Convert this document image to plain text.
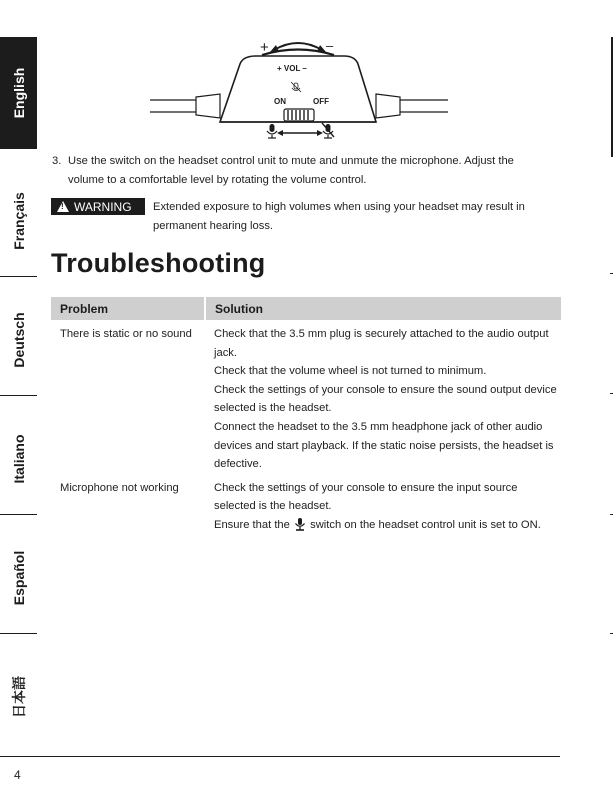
English
Français
Deutsch
Italiano
Español
日本語
+	–
+ VOL –
ON	OFF
3. Use the switch on the headset control unit to mute and unmute the microphone. Adjust the volume to a comfortable level by rotating the volume control.
!
WARNING Extended exposure to high volumes when using your headset may result in permanent hearing loss.
Troubleshooting
Problem	Solution
There is static or no sound	Check that the 3.5 mm plug is securely attached to the audio output jack.

Check that the volume wheel is not turned to minimum.

Check the settings of your console to ensure the sound output device selected is the headset.

Connect the headset to the 3.5 mm headphone jack of other audio devices and start playback. If the static noise persists, the headset is defective.

Microphone not working	Check the settings of your console to ensure the input source selected is the headset.

Ensure that the switch on the headset control unit is set to ON.

4
